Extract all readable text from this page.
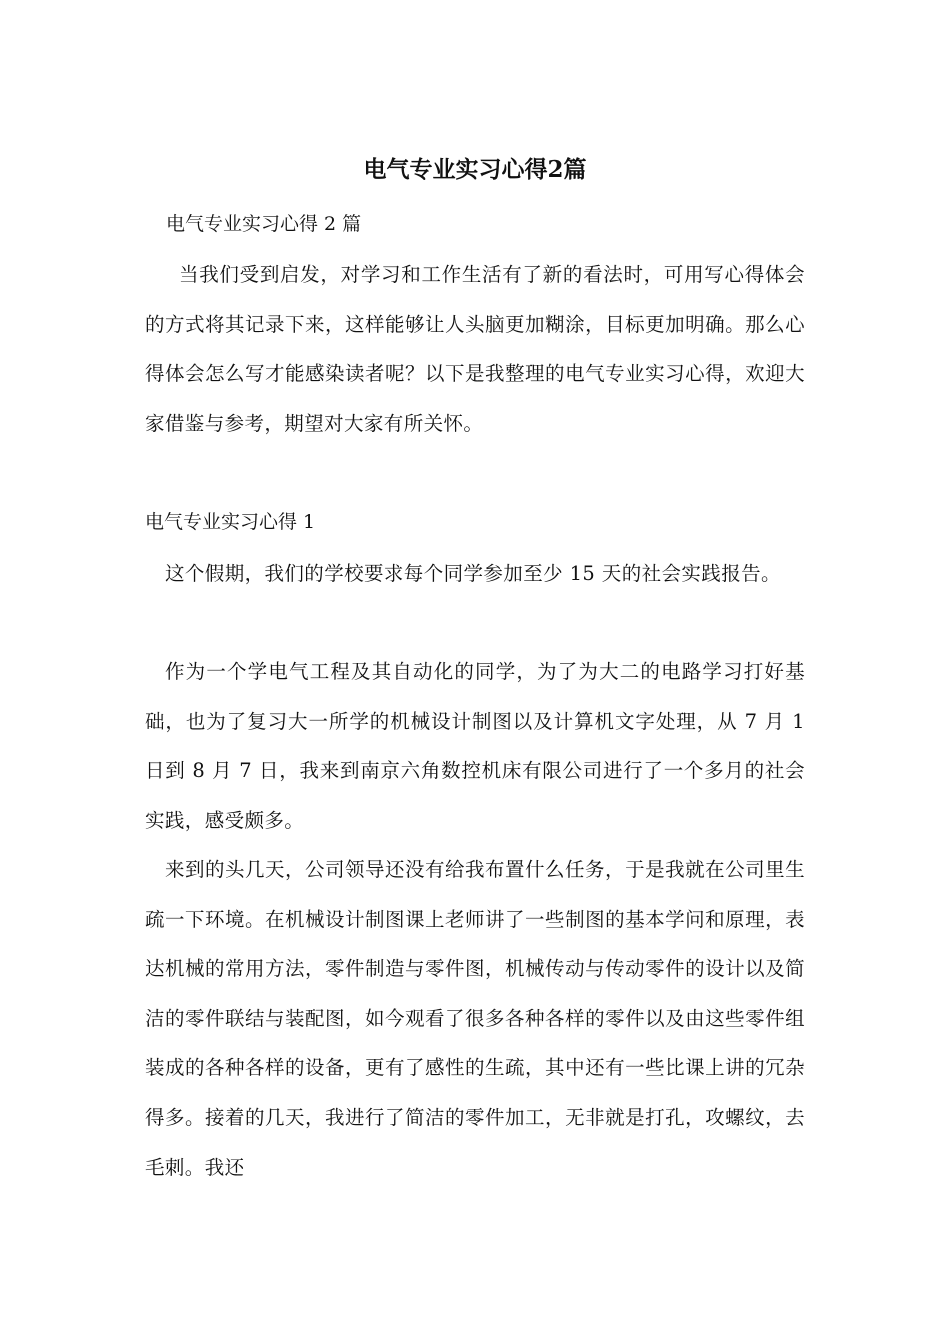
电气专业实习心得2篇

电气专业实习心得 2 篇

当我们受到启发，对学习和工作生活有了新的看法时，可用写心得体会的方式将其记录下来，这样能够让人头脑更加糊涂，目标更加明确。那么心得体会怎么写才能感染读者呢？以下是我整理的电气专业实习心得，欢迎大家借鉴与参考，期望对大家有所关怀。

电气专业实习心得 1

这个假期，我们的学校要求每个同学参加至少 15 天的社会实践报告。

作为一个学电气工程及其自动化的同学，为了为大二的电路学习打好基础，也为了复习大一所学的机械设计制图以及计算机文字处理，从 7 月 1 日到 8 月 7 日，我来到南京六角数控机床有限公司进行了一个多月的社会实践，感受颇多。

来到的头几天，公司领导还没有给我布置什么任务，于是我就在公司里生疏一下环境。在机械设计制图课上老师讲了一些制图的基本学问和原理，表达机械的常用方法，零件制造与零件图，机械传动与传动零件的设计以及简洁的零件联结与装配图，如今观看了很多各种各样的零件以及由这些零件组装成的各种各样的设备，更有了感性的生疏，其中还有一些比课上讲的冗杂得多。接着的几天，我进行了简洁的零件加工，无非就是打孔，攻螺纹，去毛刺。我还
